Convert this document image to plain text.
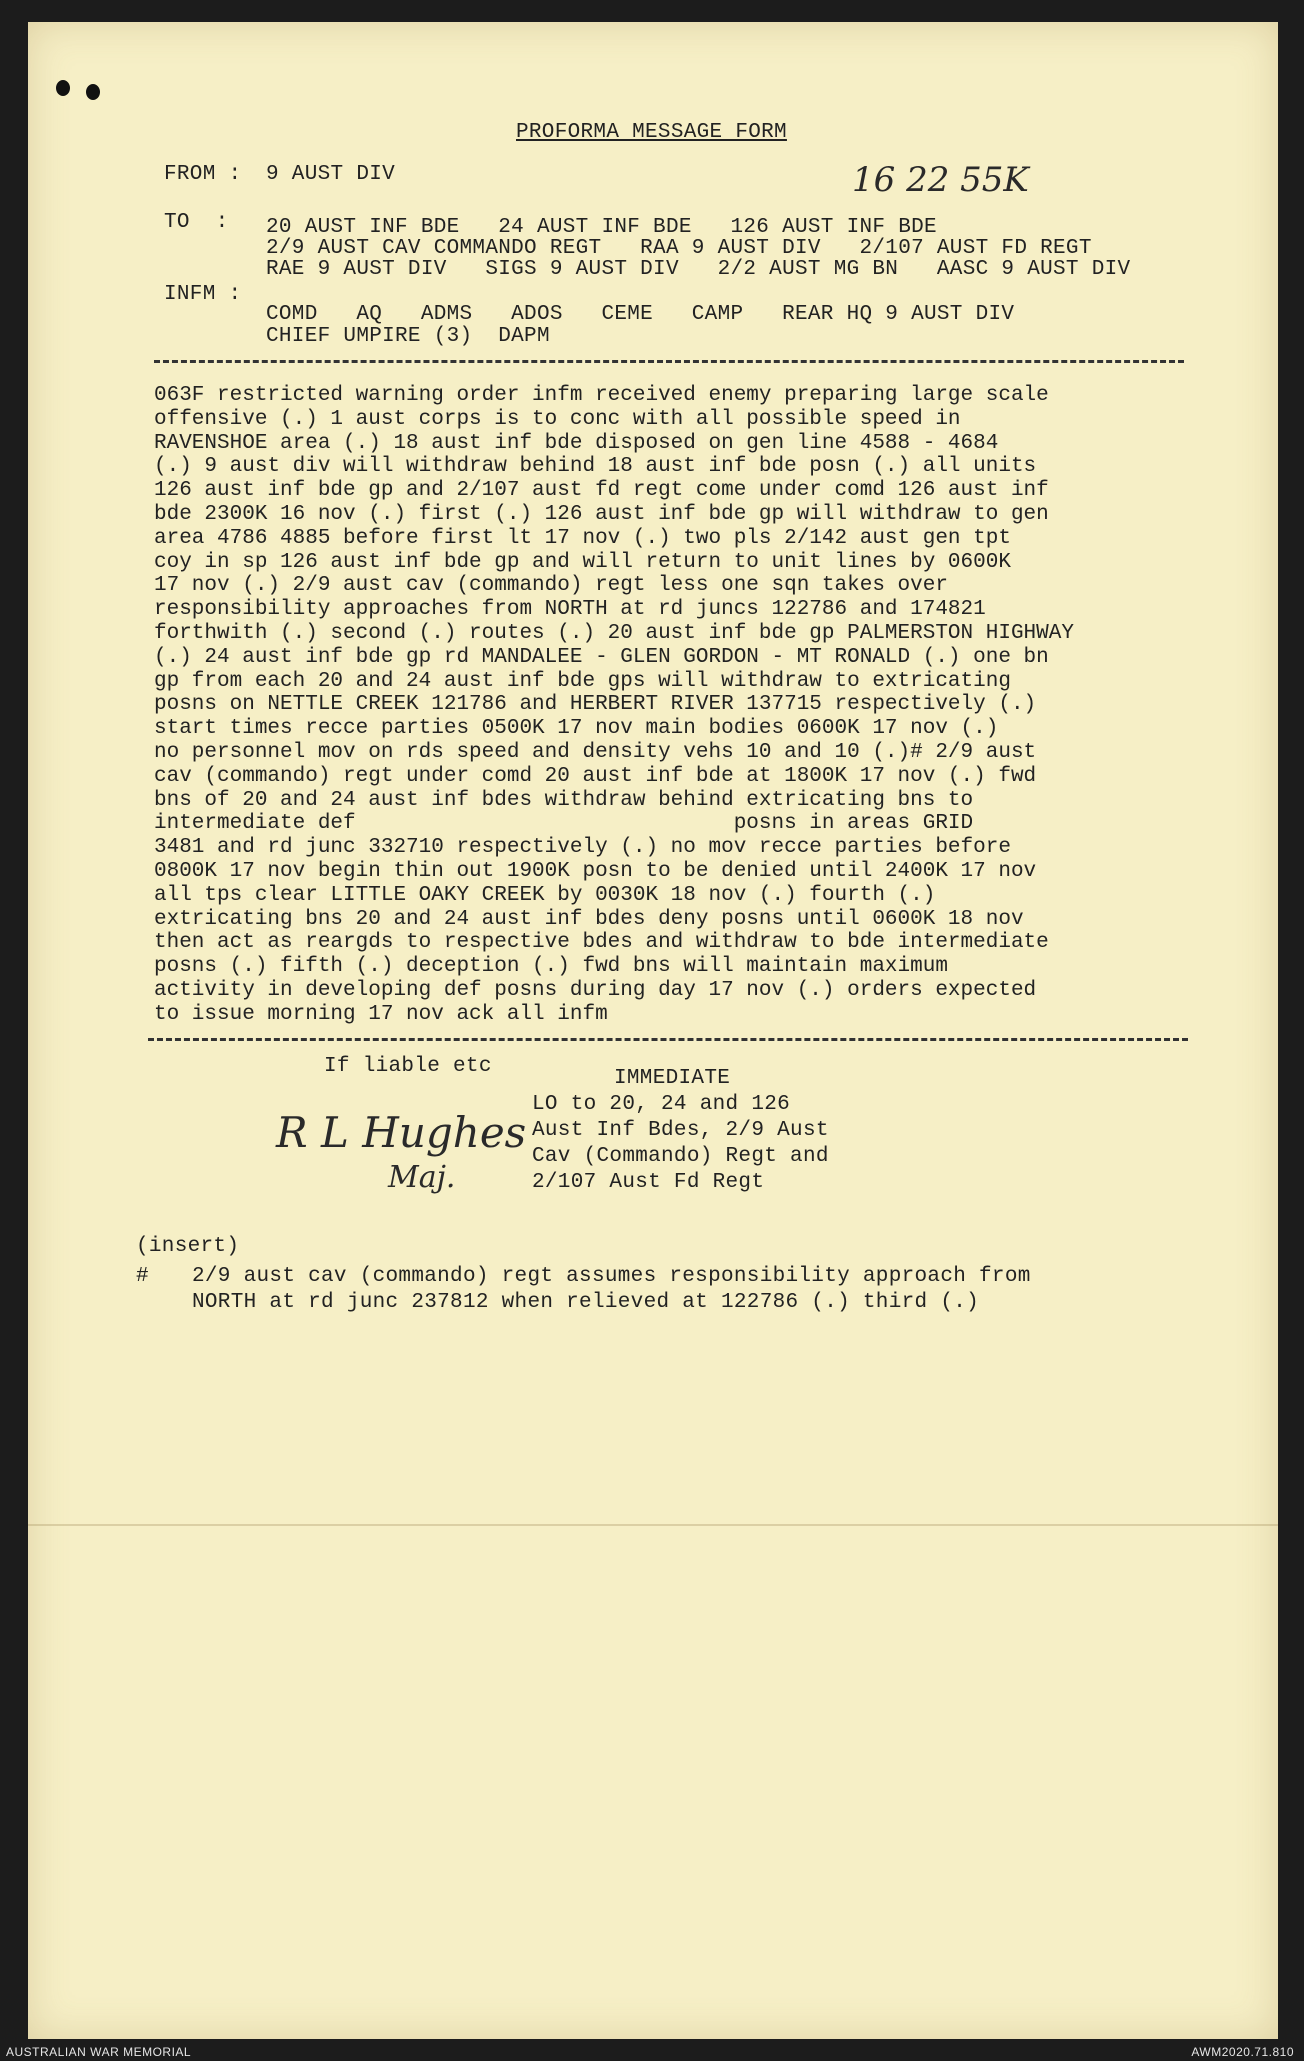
PROFORMA MESSAGE FORM
16 22 55K
FROM : 9 AUST DIV
TO  : 20 AUST INF BDE   24 AUST INF BDE   126 AUST INF BDE
2/9 AUST CAV COMMANDO REGT   RAA 9 AUST DIV   2/107 AUST FD REGT
RAE 9 AUST DIV   SIGS 9 AUST DIV   2/2 AUST MG BN   AASC 9 AUST DIV
INFM :
COMD   AQ   ADMS   ADOS   CEME   CAMP   REAR HQ 9 AUST DIV
CHIEF UMPIRE (3)  DAPM
063F restricted warning order infm received enemy preparing large scale
offensive (.) 1 aust corps is to conc with all possible speed in
RAVENSHOE area (.) 18 aust inf bde disposed on gen line 4588 - 4684
(.) 9 aust div will withdraw behind 18 aust inf bde posn (.) all units
126 aust inf bde gp and 2/107 aust fd regt come under comd 126 aust inf
bde 2300K 16 nov (.) first (.) 126 aust inf bde gp will withdraw to gen
area 4786 4885 before first lt 17 nov (.) two pls 2/142 aust gen tpt
coy in sp 126 aust inf bde gp and will return to unit lines by 0600K
17 nov (.) 2/9 aust cav (commando) regt less one sqn takes over
responsibility approaches from NORTH at rd juncs 122786 and 174821
forthwith (.) second (.) routes (.) 20 aust inf bde gp PALMERSTON HIGHWAY
(.) 24 aust inf bde gp rd MANDALEE - GLEN GORDON - MT RONALD (.) one bn
gp from each 20 and 24 aust inf bde gps will withdraw to extricating
posns on NETTLE CREEK 121786 and HERBERT RIVER 137715 respectively (.)
start times recce parties 0500K 17 nov main bodies 0600K 17 nov (.)
no personnel mov on rds speed and density vehs 10 and 10 (.)# 2/9 aust
cav (commando) regt under comd 20 aust inf bde at 1800K 17 nov (.) fwd
bns of 20 and 24 aust inf bdes withdraw behind extricating bns to
intermediate def                              posns in areas GRID
3481 and rd junc 332710 respectively (.) no mov recce parties before
0800K 17 nov begin thin out 1900K posn to be denied until 2400K 17 nov
all tps clear LITTLE OAKY CREEK by 0030K 18 nov (.) fourth (.)
extricating bns 20 and 24 aust inf bdes deny posns until 0600K 18 nov
then act as reargds to respective bdes and withdraw to bde intermediate
posns (.) fifth (.) deception (.) fwd bns will maintain maximum
activity in developing def posns during day 17 nov (.) orders expected
to issue morning 17 nov ack all infm
If liable etc
R L Hughes
Maj.
IMMEDIATE
LO to 20, 24 and 126
Aust Inf Bdes, 2/9 Aust
Cav (Commando) Regt and
2/107 Aust Fd Regt
(insert)
# 2/9 aust cav (commando) regt assumes responsibility approach from
NORTH at rd junc 237812 when relieved at 122786 (.) third (.)
AUSTRALIAN WAR MEMORIAL	AWM2020.71.810
